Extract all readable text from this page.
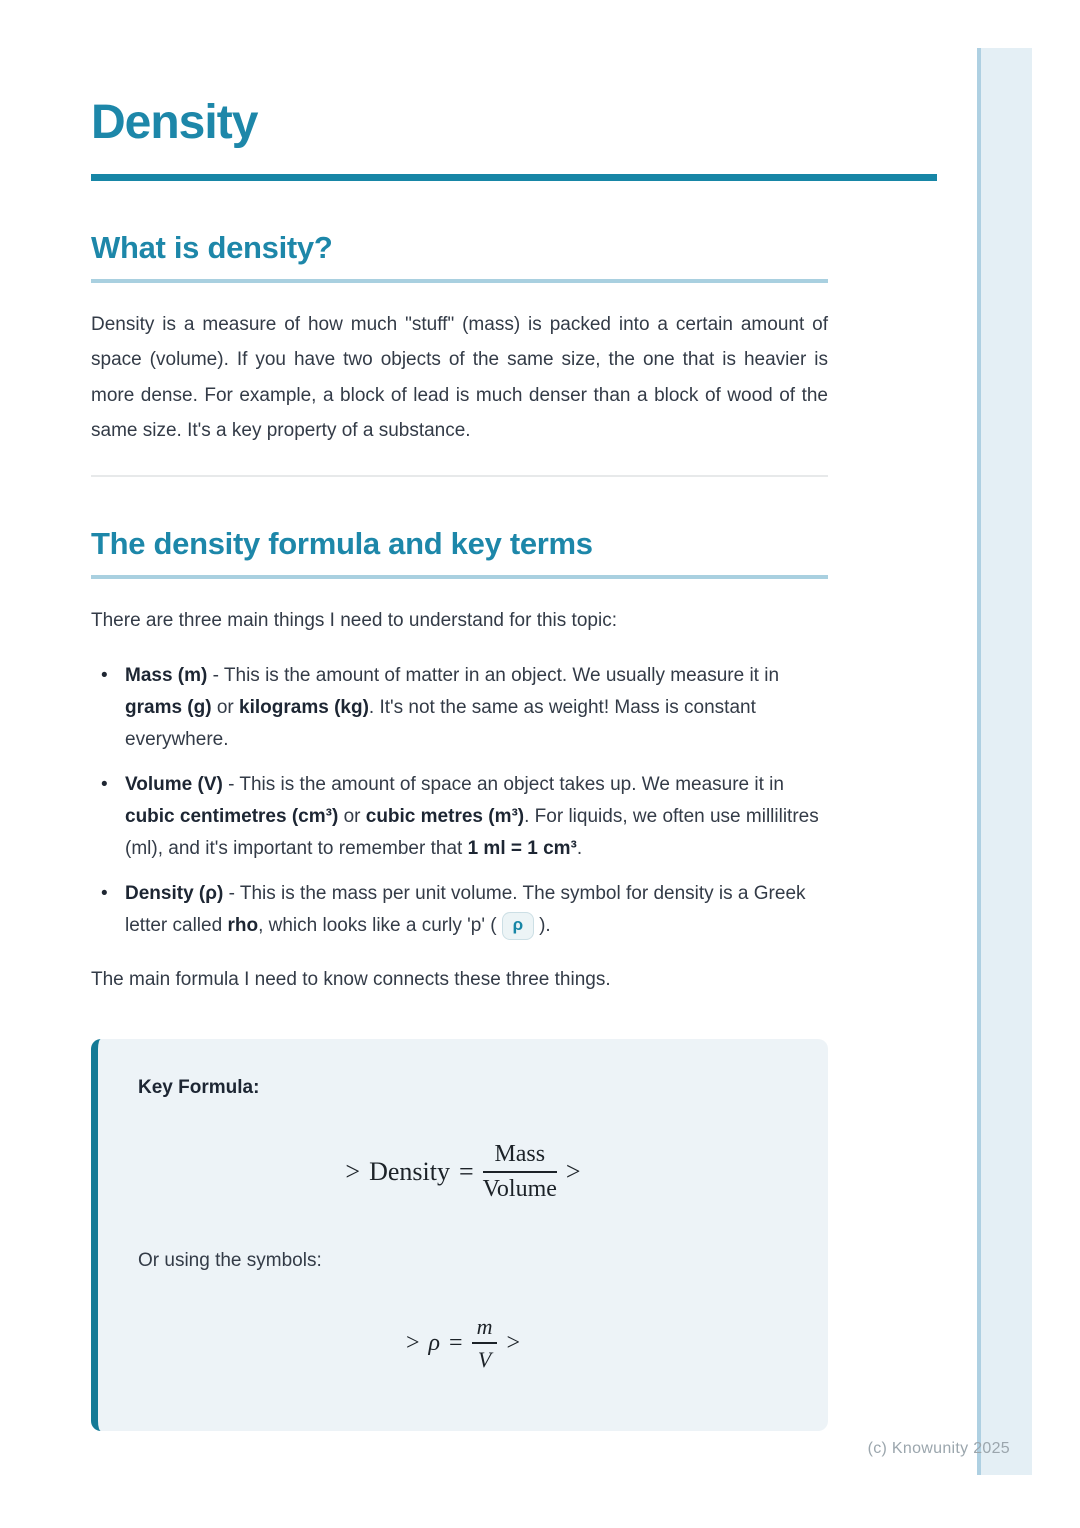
Density
What is density?

Density is a measure of how much "stuff" (mass) is packed into a certain amount of space (volume). If you have two objects of the same size, the one that is heavier is more dense. For example, a block of lead is much denser than a block of wood of the same size. It's a key property of a substance.

The density formula and key terms

There are three main things I need to understand for this topic:

• Mass (m) - This is the amount of matter in an object. We usually measure it in grams (g) or kilograms (kg). It's not the same as weight! Mass is constant everywhere.
• Volume (V) - This is the amount of space an object takes up. We measure it in cubic centimetres (cm³) or cubic metres (m³). For liquids, we often use millilitres (ml), and it's important to remember that 1 ml = 1 cm³.
• Density (ρ) - This is the mass per unit volume. The symbol for density is a Greek letter called rho, which looks like a curly 'p' ( ρ ).

The main formula I need to know connects these three things.

Key Formula:

> Density = $\frac{\text{Mass}}{\text{Volume}}$ >

Or using the symbols:

> $\rho = \frac{m}{V}$ >
(c) Knowunity 2025
